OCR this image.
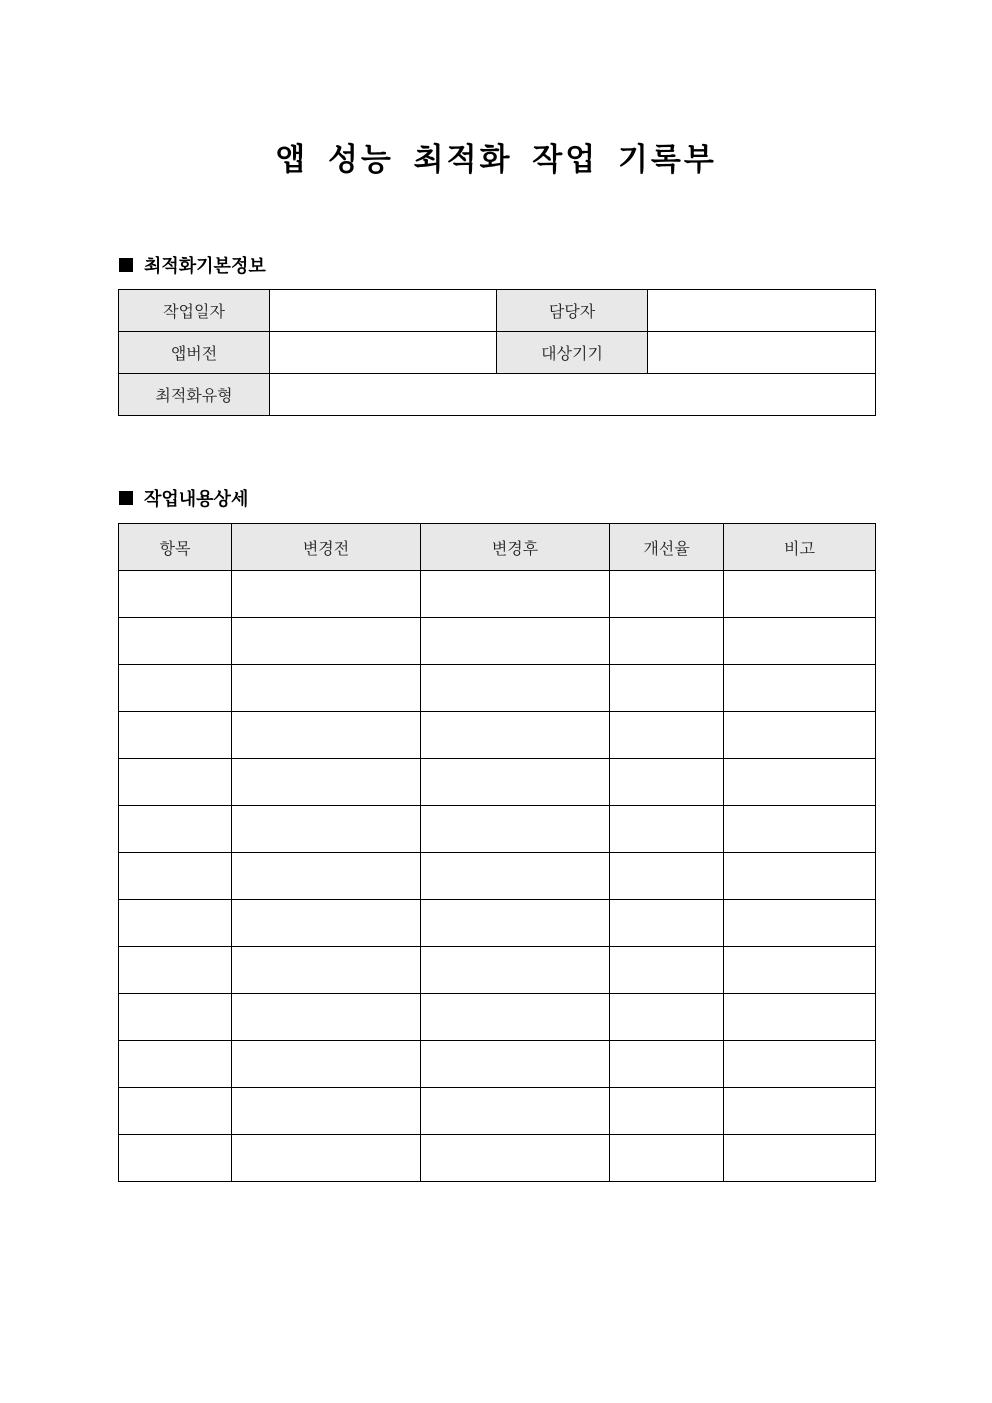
앱 성능 최적화 작업 기록부
최적화기본정보
작업일자		담당자	
앱버전		대상기기	
최적화유형			
작업내용상세
항목	변경전	변경후	개선율	비고
